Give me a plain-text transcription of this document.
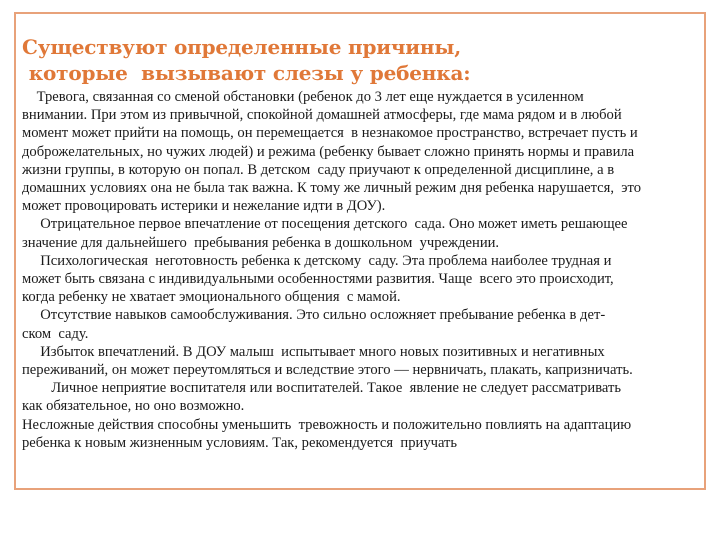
Существуют определенные причины,
которые  вызывают слезы у ребенка:
Тревога, связанная со сменой обстановки (ребенок до 3 лет еще нуждается в усиленном
внимании. При этом из привычной, спокойной домашней атмосферы, где мама рядом и в любой
момент может прийти на помощь, он перемещается  в незнакомое пространство, встречает пусть и
доброжелательных, но чужих людей) и режима (ребенку бывает сложно принять нормы и правила
жизни группы, в которую он попал. В детском  саду приучают к определенной дисциплине, а в
домашних условиях она не была так важна. К тому же личный режим дня ребенка нарушается,  это
может провоцировать истерики и нежелание идти в ДОУ).
Отрицательное первое впечатление от посещения детского  сада. Оно может иметь решающее
значение для дальнейшего  пребывания ребенка в дошкольном  учреждении.
Психологическая  неготовность ребенка к детскому  саду. Эта проблема наиболее трудная и
может быть связана с индивидуальными особенностями развития. Чаще  всего это происходит,
когда ребенку не хватает эмоционального общения  с мамой.
Отсутствие навыков самообслуживания. Это сильно осложняет пребывание ребенка в дет-
ском  саду.
Избыток впечатлений. В ДОУ малыш  испытывает много новых позитивных и негативных
переживаний, он может переутомляться и вследствие этого — нервничать, плакать, капризничать.
Личное неприятие воспитателя или воспитателей. Такое  явление не следует рассматривать
как обязательное, но оно возможно.
Несложные действия способны уменьшить  тревожность и положительно повлиять на адаптацию
ребенка к новым жизненным условиям. Так, рекомендуется  приучать
